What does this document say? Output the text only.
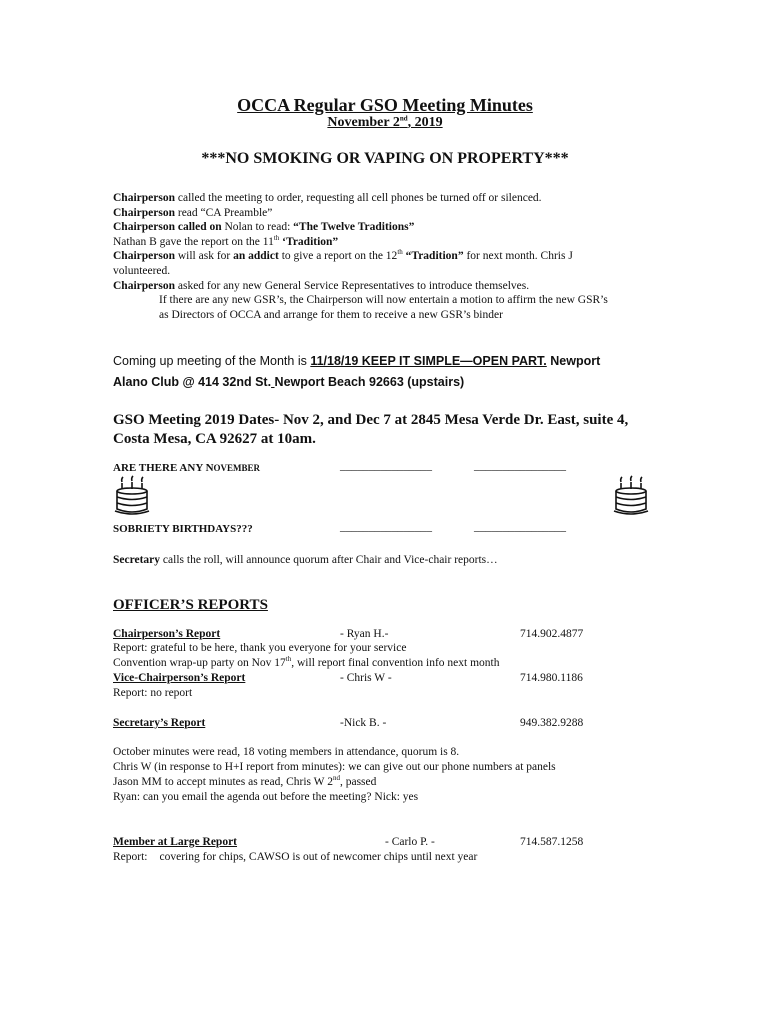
OCCA Regular GSO Meeting Minutes
November 2nd, 2019
***NO SMOKING OR VAPING ON PROPERTY***
Chairperson called the meeting to order, requesting all cell phones be turned off or silenced.
Chairperson read “CA Preamble”
Chairperson called on Nolan to read: “The Twelve Traditions”
Nathan B gave the report on the 11th ‘Tradition”
Chairperson will ask for an addict to give a report on the 12th “Tradition” for next month. Chris J
volunteered.
Chairperson asked for any new General Service Representatives to introduce themselves.
If there are any new GSR’s, the Chairperson will now entertain a motion to affirm the new GSR’s
as Directors of OCCA and arrange for them to receive a new GSR’s binder
Coming up meeting of the Month is 11/18/19 KEEP IT SIMPLE—OPEN PART. Newport
Alano Club @ 414 32nd St. Newport Beach 92663 (upstairs)
GSO Meeting 2019 Dates- Nov 2, and Dec 7 at 2845 Mesa Verde Dr. East, suite 4,
Costa Mesa, CA 92627 at 10am.
ARE THERE ANY NOVEMBER	________________	________________
SOBRIETY BIRTHDAYS???	________________	________________
Secretary calls the roll, will announce quorum after Chair and Vice-chair reports…
OFFICER’S REPORTS
Chairperson’s Report	- Ryan H.-	714.902.4877
Report: grateful to be here, thank you everyone for your service
Convention wrap-up party on Nov 17th, will report final convention info next month
Vice-Chairperson’s Report	- Chris W -	714.980.1186
Report: no report
Secretary’s Report	-Nick B. -	949.382.9288
October minutes were read, 18 voting members in attendance, quorum is 8.
Chris W (in response to H+I report from minutes): we can give out our phone numbers at panels
Jason MM to accept minutes as read, Chris W 2nd, passed
Ryan: can you email the agenda out before the meeting? Nick: yes
Member at Large Report	- Carlo P. -	714.587.1258
Report: covering for chips, CAWSO is out of newcomer chips until next year
